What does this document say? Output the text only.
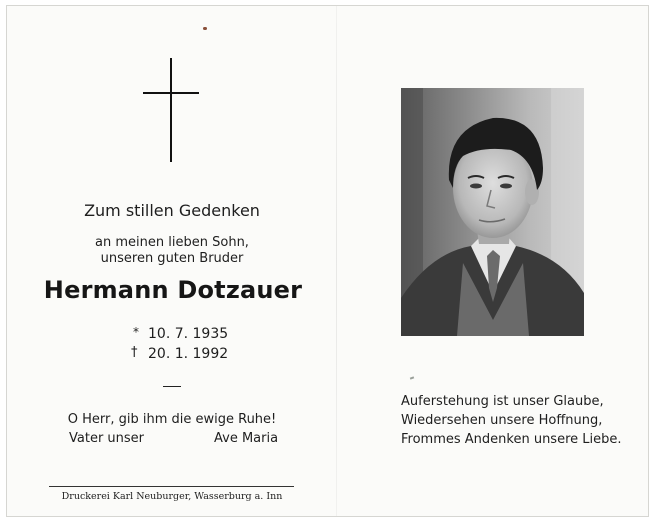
Zum stillen Gedenken
an meinen lieben Sohn,
unseren guten Bruder
Hermann Dotzauer
* 10. 7. 1935
† 20. 1. 1992
O Herr, gib ihm die ewige Ruhe!
Vater unser	Ave Maria
Druckerei Karl Neuburger, Wasserburg a. Inn
Auferstehung ist unser Glaube,
Wiedersehen unsere Hoffnung,
Frommes Andenken unsere Liebe.
